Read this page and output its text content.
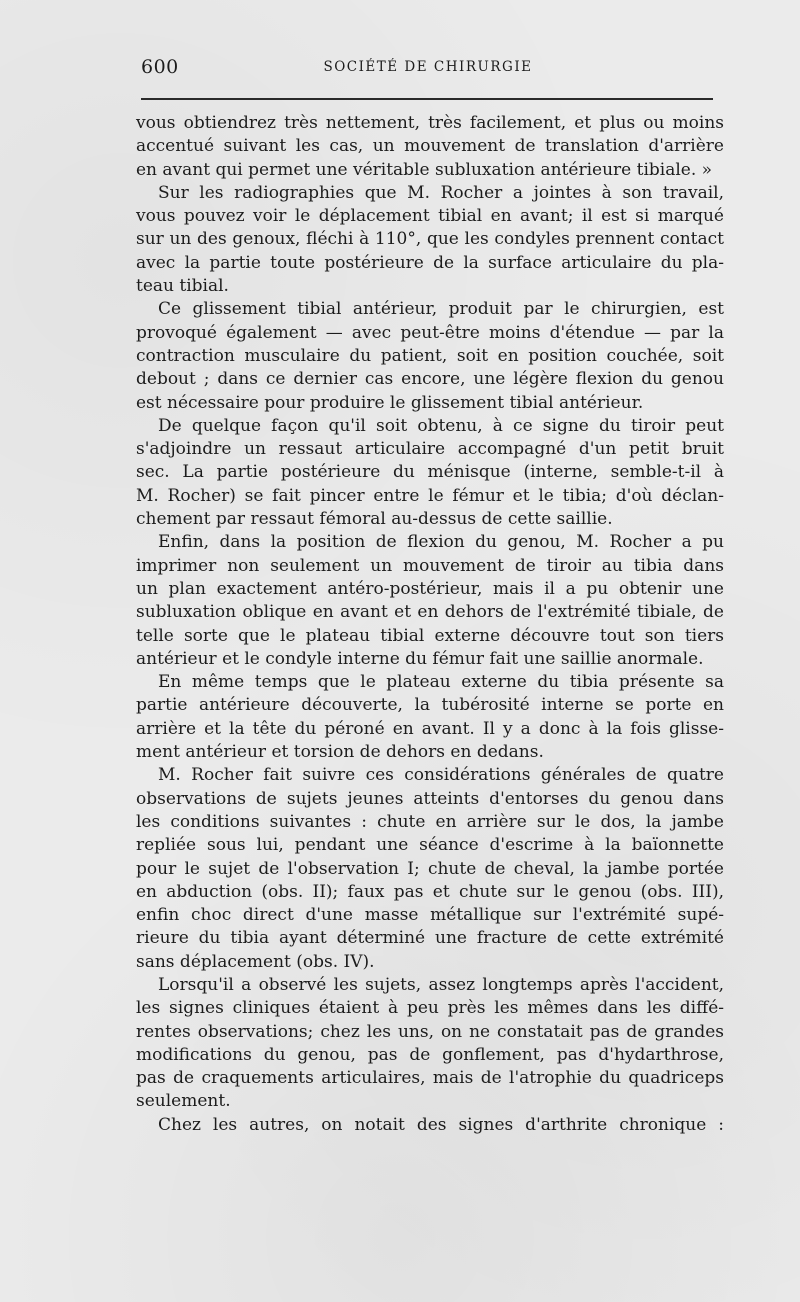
600	SOCIÉTÉ DE CHIRURGIE
vous obtiendrez très nettement, très facilement, et plus ou moins
accentué suivant les cas, un mouvement de translation d'arrière
en avant qui permet une véritable subluxation antérieure tibiale. »
Sur les radiographies que M. Rocher a jointes à son travail,
vous pouvez voir le déplacement tibial en avant; il est si marqué
sur un des genoux, fléchi à 110°, que les condyles prennent contact
avec la partie toute postérieure de la surface articulaire du pla-
teau tibial.
Ce glissement tibial antérieur, produit par le chirurgien, est
provoqué également — avec peut-être moins d'étendue — par la
contraction musculaire du patient, soit en position couchée, soit
debout ; dans ce dernier cas encore, une légère flexion du genou
est nécessaire pour produire le glissement tibial antérieur.
De quelque façon qu'il soit obtenu, à ce signe du tiroir peut
s'adjoindre un ressaut articulaire accompagné d'un petit bruit
sec. La partie postérieure du ménisque (interne, semble-t-il à
M. Rocher) se fait pincer entre le fémur et le tibia; d'où déclan-
chement par ressaut fémoral au-dessus de cette saillie.
Enfin, dans la position de flexion du genou, M. Rocher a pu
imprimer non seulement un mouvement de tiroir au tibia dans
un plan exactement antéro-postérieur, mais il a pu obtenir une
subluxation oblique en avant et en dehors de l'extrémité tibiale, de
telle sorte que le plateau tibial externe découvre tout son tiers
antérieur et le condyle interne du fémur fait une saillie anormale.
En même temps que le plateau externe du tibia présente sa
partie antérieure découverte, la tubérosité interne se porte en
arrière et la tête du péroné en avant. Il y a donc à la fois glisse-
ment antérieur et torsion de dehors en dedans.
M. Rocher fait suivre ces considérations générales de quatre
observations de sujets jeunes atteints d'entorses du genou dans
les conditions suivantes : chute en arrière sur le dos, la jambe
repliée sous lui, pendant une séance d'escrime à la baïonnette
pour le sujet de l'observation I; chute de cheval, la jambe portée
en abduction (obs. II); faux pas et chute sur le genou (obs. III),
enfin choc direct d'une masse métallique sur l'extrémité supé-
rieure du tibia ayant déterminé une fracture de cette extrémité
sans déplacement (obs. IV).
Lorsqu'il a observé les sujets, assez longtemps après l'accident,
les signes cliniques étaient à peu près les mêmes dans les diffé-
rentes observations; chez les uns, on ne constatait pas de grandes
modifications du genou, pas de gonflement, pas d'hydarthrose,
pas de craquements articulaires, mais de l'atrophie du quadriceps
seulement.
Chez les autres, on notait des signes d'arthrite chronique :
